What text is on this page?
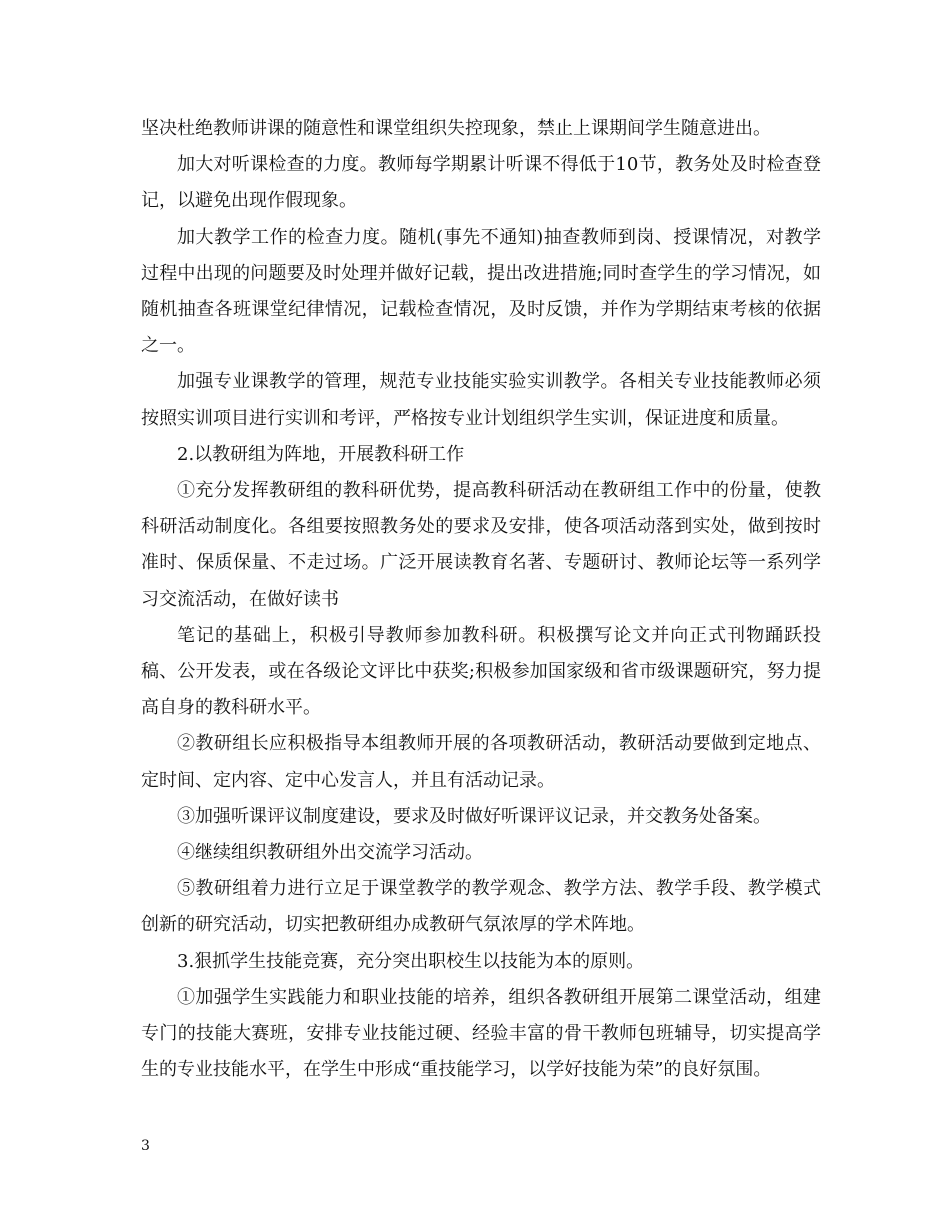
坚决杜绝教师讲课的随意性和课堂组织失控现象，禁止上课期间学生随意进出。

加大对听课检查的力度。教师每学期累计听课不得低于10节，教务处及时检查登记，以避免出现作假现象。

加大教学工作的检查力度。随机(事先不通知)抽查教师到岗、授课情况，对教学过程中出现的问题要及时处理并做好记载，提出改进措施;同时查学生的学习情况，如随机抽查各班课堂纪律情况，记载检查情况，及时反馈，并作为学期结束考核的依据之一。

加强专业课教学的管理，规范专业技能实验实训教学。各相关专业技能教师必须按照实训项目进行实训和考评，严格按专业计划组织学生实训，保证进度和质量。

2.以教研组为阵地，开展教科研工作

①充分发挥教研组的教科研优势，提高教科研活动在教研组工作中的份量，使教科研活动制度化。各组要按照教务处的要求及安排，使各项活动落到实处，做到按时准时、保质保量、不走过场。广泛开展读教育名著、专题研讨、教师论坛等一系列学习交流活动，在做好读书

笔记的基础上，积极引导教师参加教科研。积极撰写论文并向正式刊物踊跃投稿、公开发表，或在各级论文评比中获奖;积极参加国家级和省市级课题研究，努力提高自身的教科研水平。

②教研组长应积极指导本组教师开展的各项教研活动，教研活动要做到定地点、定时间、定内容、定中心发言人，并且有活动记录。

③加强听课评议制度建设，要求及时做好听课评议记录，并交教务处备案。

④继续组织教研组外出交流学习活动。

⑤教研组着力进行立足于课堂教学的教学观念、教学方法、教学手段、教学模式创新的研究活动，切实把教研组办成教研气氛浓厚的学术阵地。

3.狠抓学生技能竞赛，充分突出职校生以技能为本的原则。

①加强学生实践能力和职业技能的培养，组织各教研组开展第二课堂活动，组建专门的技能大赛班，安排专业技能过硬、经验丰富的骨干教师包班辅导，切实提高学生的专业技能水平，在学生中形成“重技能学习，以学好技能为荣”的良好氛围。

3
